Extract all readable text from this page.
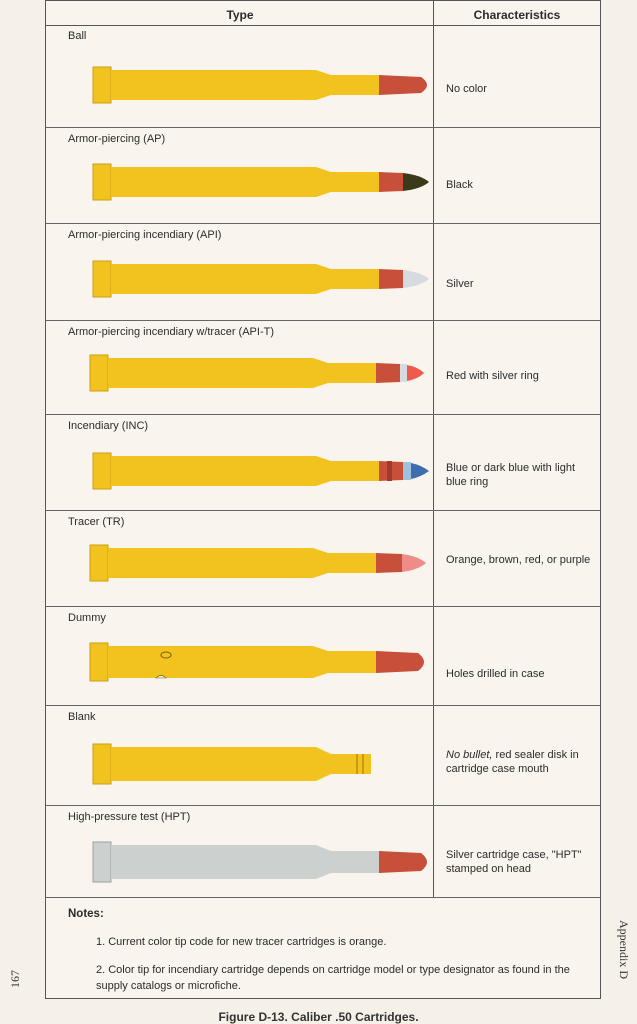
Type	Characteristics
Ball
No color
Armor-piercing (AP)
Black
Armor-piercing incendiary (API)
Silver
Armor-piercing incendiary w/tracer (API-T)
Red with silver ring
Incendiary (INC)
Blue or dark blue with light blue ring
Tracer (TR)
Orange, brown, red, or purple
Dummy
Holes drilled in case
Blank
No bullet, red sealer disk in cartridge case mouth
High-pressure test (HPT)
Silver cartridge case, "HPT" stamped on head
Notes:
1. Current color tip code for new tracer cartridges is orange.
2. Color tip for incendiary cartridge depends on cartridge model or type designator as found in the supply catalogs or microfiche.
Appendix D
167
Figure D-13. Caliber .50 Cartridges.
